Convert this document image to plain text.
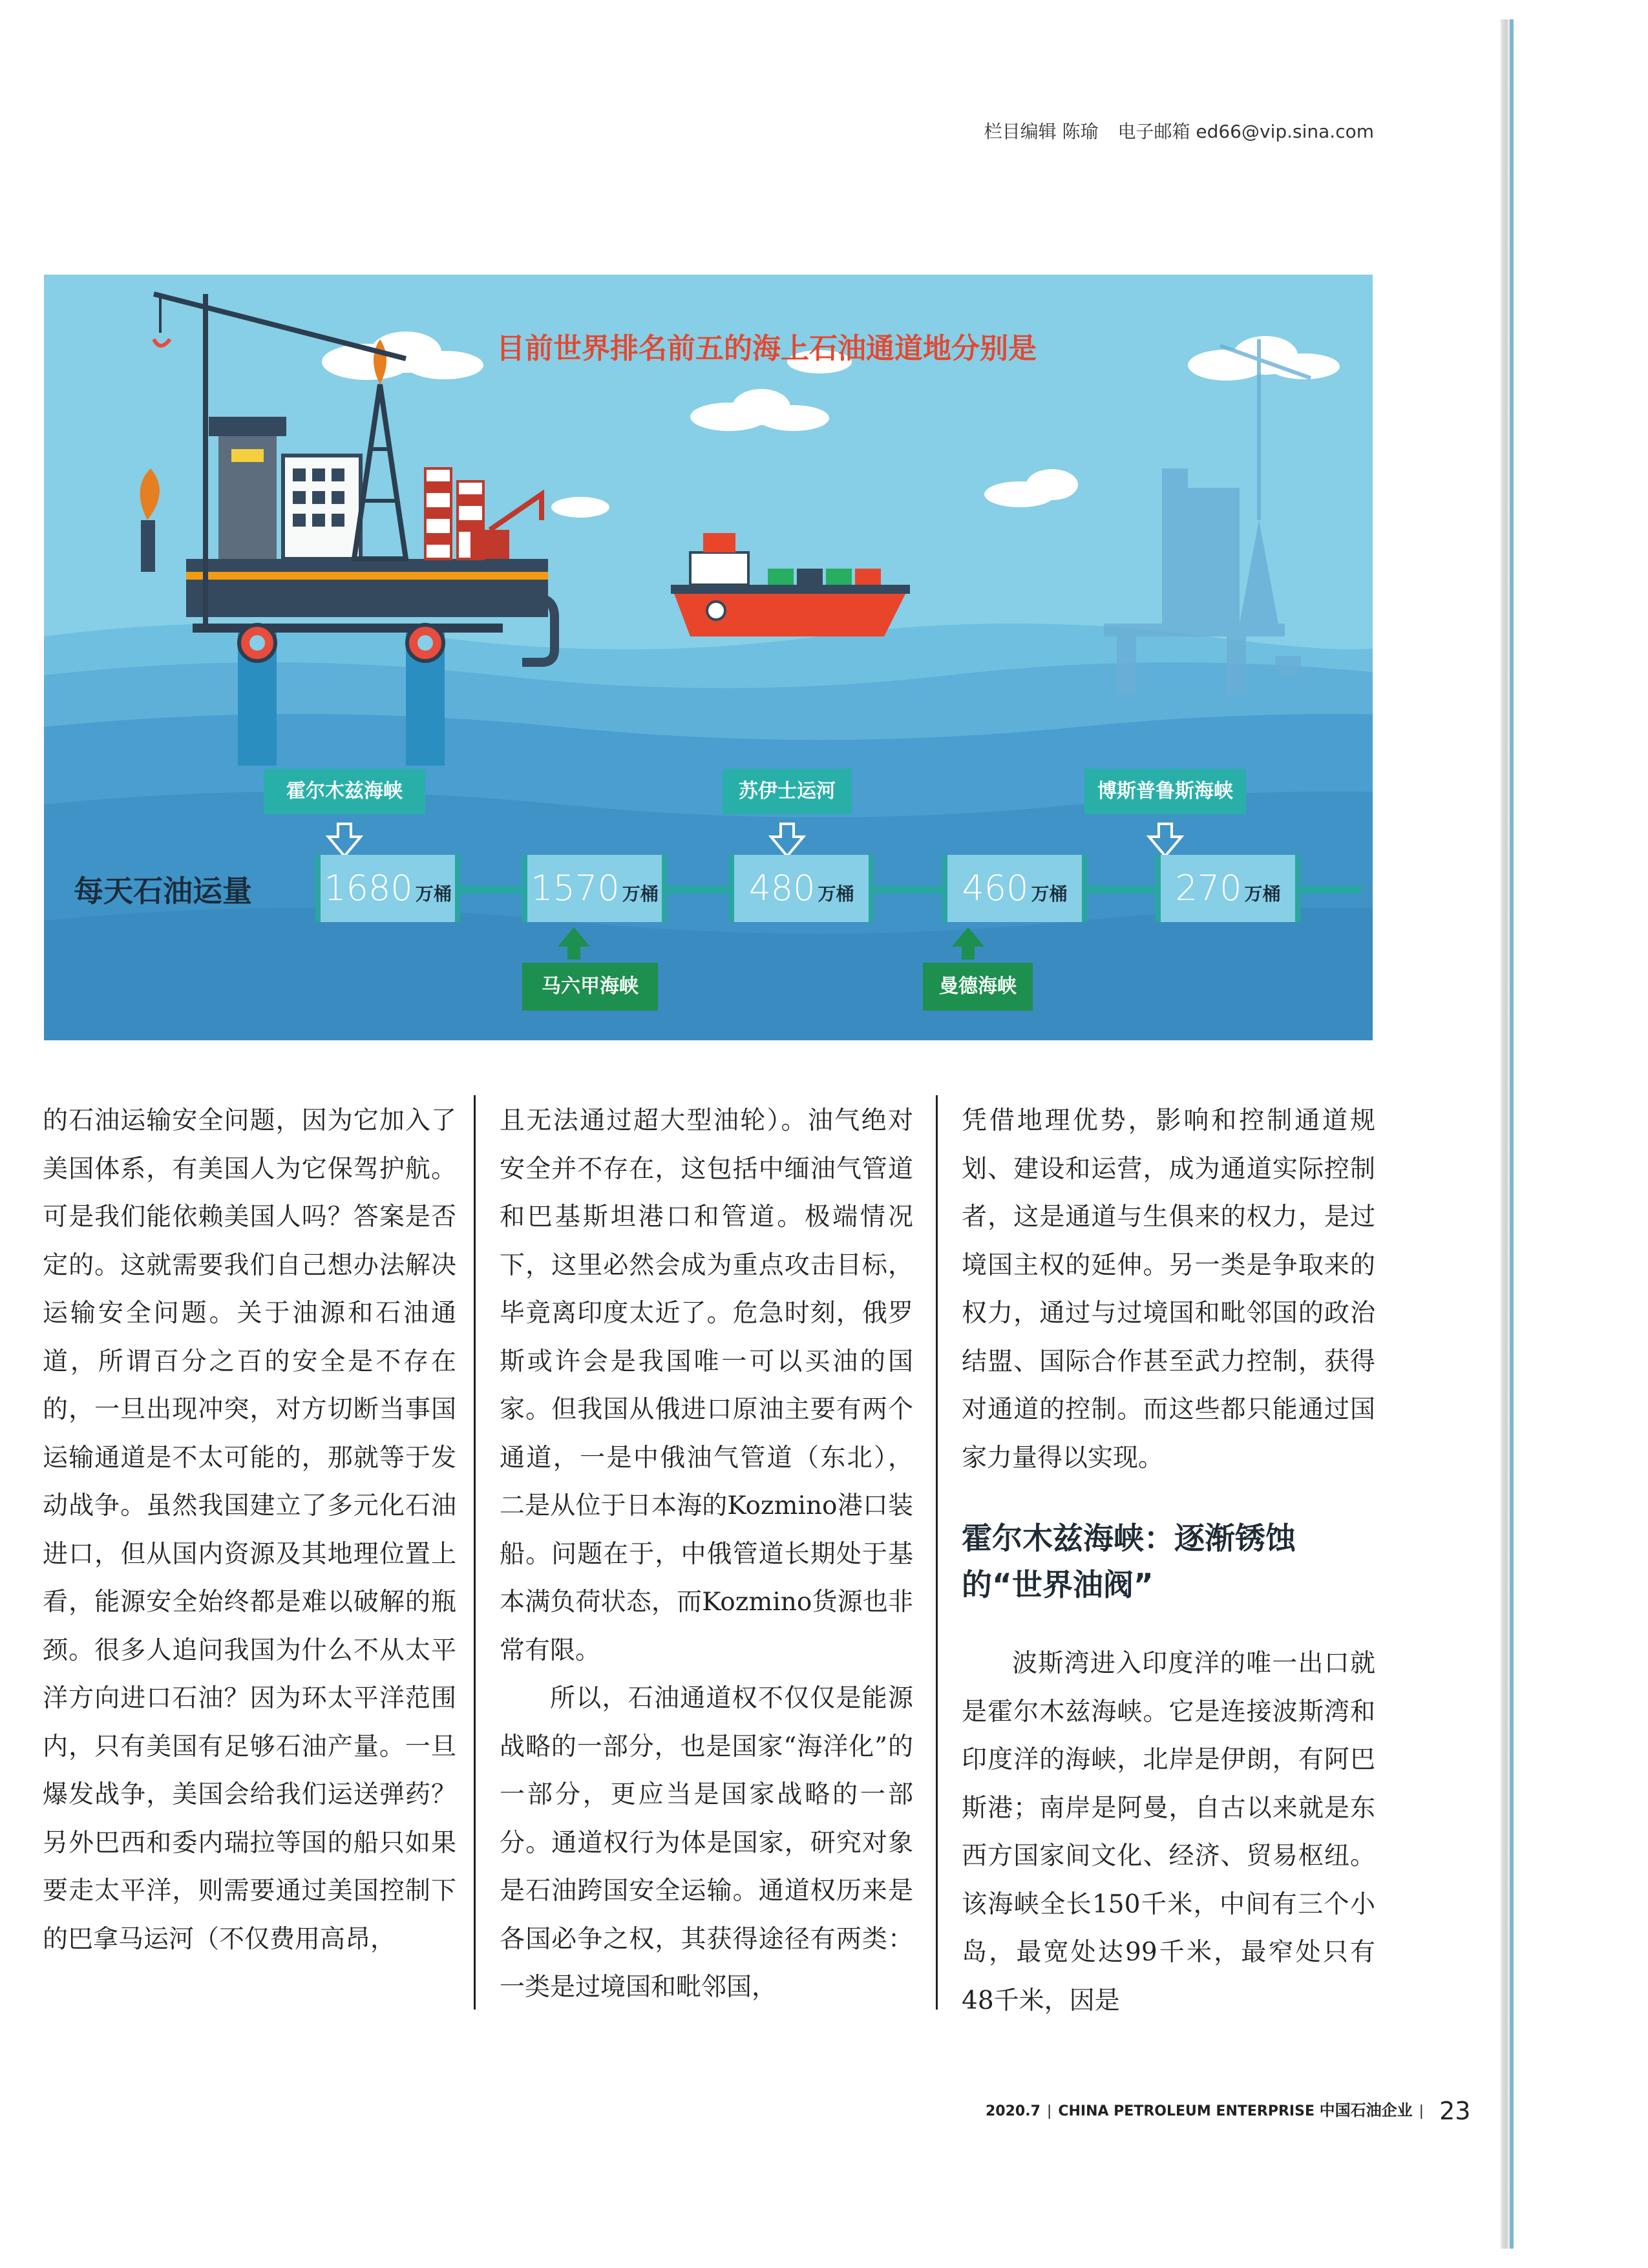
栏目编辑 陈瑜 电子邮箱 ed66@vip.sina.com
目前世界排名前五的海上石油通道地分别是
霍尔木兹海峡	苏伊士运河	博斯普鲁斯海峡
每天石油运量 1680 万桶 1570 万桶	480 万桶	460 万桶	270 万桶
马六甲海峡	曼德海峡

的石油运输安全问题，因为它加入了美国体系，有美国人为它保驾护航。可是我们能依赖美国人吗？答案是否定的。这就需要我们自己想办法解决运输安全问题。关于油源和石油通道，所谓百分之百的安全是不存在的，一旦出现冲突，对方切断当事国运输通道是不太可能的，那就等于发动战争。虽然我国建立了多元化石油进口，但从国内资源及其地理位置上看，能源安全始终都是难以破解的瓶颈。很多人追问我国为什么不从太平洋方向进口石油？因为环太平洋范围内，只有美国有足够石油产量。一旦爆发战争，美国会给我们运送弹药？另外巴西和委内瑞拉等国的船只如果要走太平洋，则需要通过美国控制下的巴拿马运河（不仅费用高昂，

且无法通过超大型油轮）。油气绝对安全并不存在，这包括中缅油气管道和巴基斯坦港口和管道。极端情况下，这里必然会成为重点攻击目标，毕竟离印度太近了。危急时刻，俄罗斯或许会是我国唯一可以买油的国家。但我国从俄进口原油主要有两个通道，一是中俄油气管道（东北），二是从位于日本海的Kozmino港口装船。问题在于，中俄管道长期处于基本满负荷状态，而Kozmino货源也非常有限。

所以，石油通道权不仅仅是能源战略的一部分，也是国家“海洋化”的一部分，更应当是国家战略的一部分。通道权行为体是国家，研究对象是石油跨国安全运输。通道权历来是各国必争之权，其获得途径有两类：一类是过境国和毗邻国，

凭借地理优势，影响和控制通道规划、建设和运营，成为通道实际控制者，这是通道与生俱来的权力，是过境国主权的延伸。另一类是争取来的权力，通过与过境国和毗邻国的政治结盟、国际合作甚至武力控制，获得对通道的控制。而这些都只能通过国家力量得以实现。

霍尔木兹海峡：逐渐锈蚀的“世界油阀”

波斯湾进入印度洋的唯一出口就是霍尔木兹海峡。它是连接波斯湾和印度洋的海峡，北岸是伊朗，有阿巴斯港；南岸是阿曼，自古以来就是东西方国家间文化、经济、贸易枢纽。该海峡全长150千米，中间有三个小岛，最宽处达99千米，最窄处只有48千米，因是

2020.7 | CHINA PETROLEUM ENTERPRISE 中国石油企业 | 23
